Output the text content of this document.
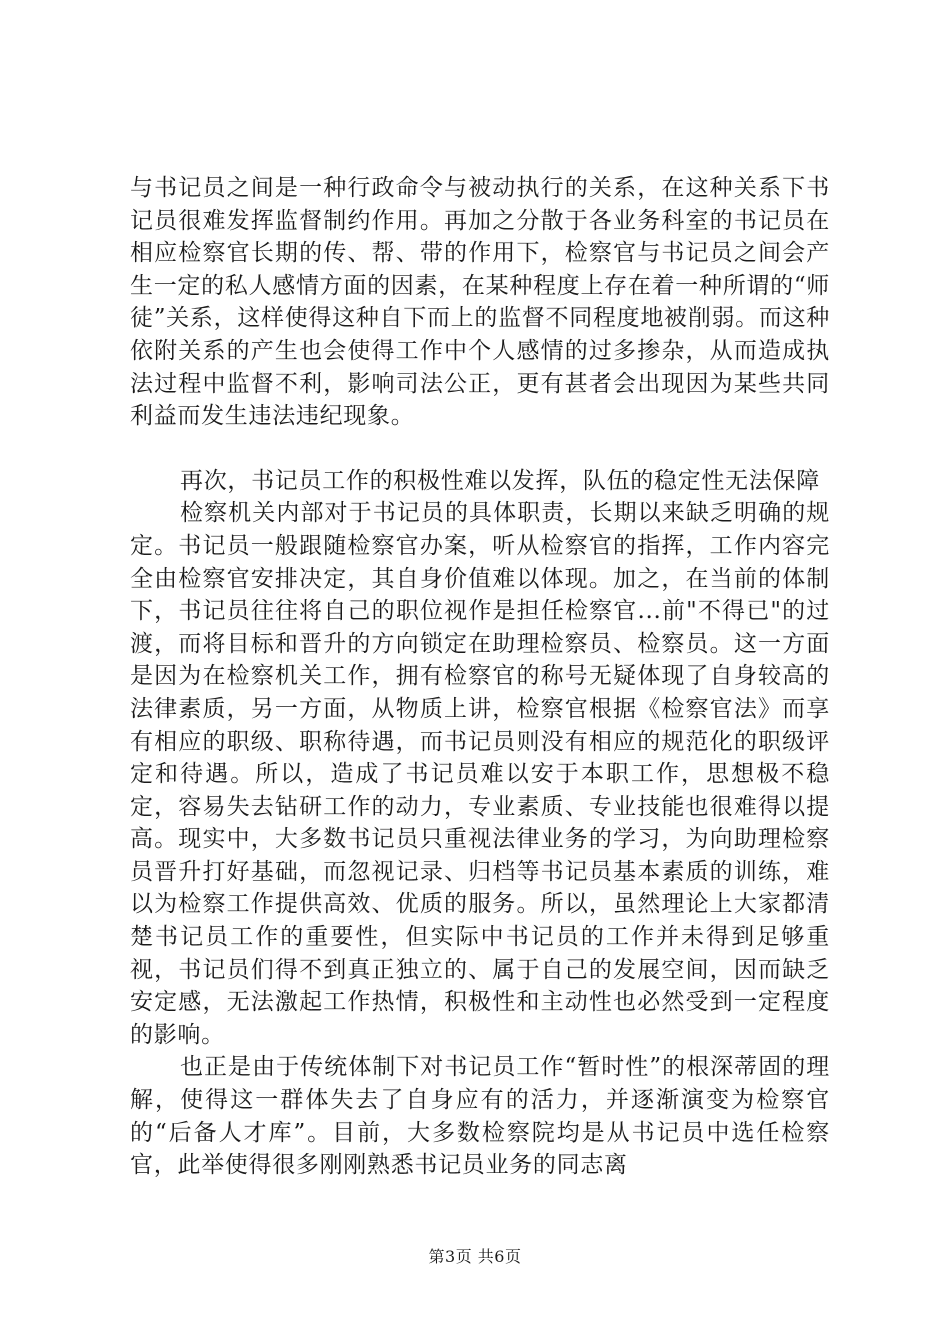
与书记员之间是一种行政命令与被动执行的关系，在这种关系下书记员很难发挥监督制约作用。再加之分散于各业务科室的书记员在相应检察官长期的传、帮、带的作用下，检察官与书记员之间会产生一定的私人感情方面的因素，在某种程度上存在着一种所谓的“师徒”关系，这样使得这种自下而上的监督不同程度地被削弱。而这种依附关系的产生也会使得工作中个人感情的过多掺杂，从而造成执法过程中监督不利，影响司法公正，更有甚者会出现因为某些共同利益而发生违法违纪现象。

再次，书记员工作的积极性难以发挥，队伍的稳定性无法保障

检察机关内部对于书记员的具体职责，长期以来缺乏明确的规定。书记员一般跟随检察官办案，听从检察官的指挥，工作内容完全由检察官安排决定，其自身价值难以体现。加之，在当前的体制下，书记员往往将自己的职位视作是担任检察官...前"不得已"的过渡，而将目标和晋升的方向锁定在助理检察员、检察员。这一方面是因为在检察机关工作，拥有检察官的称号无疑体现了自身较高的法律素质，另一方面，从物质上讲，检察官根据《检察官法》而享有相应的职级、职称待遇，而书记员则没有相应的规范化的职级评定和待遇。所以，造成了书记员难以安于本职工作，思想极不稳定，容易失去钻研工作的动力，专业素质、专业技能也很难得以提高。现实中，大多数书记员只重视法律业务的学习，为向助理检察员晋升打好基础，而忽视记录、归档等书记员基本素质的训练，难以为检察工作提供高效、优质的服务。所以，虽然理论上大家都清楚书记员工作的重要性，但实际中书记员的工作并未得到足够重视，书记员们得不到真正独立的、属于自己的发展空间，因而缺乏安定感，无法激起工作热情，积极性和主动性也必然受到一定程度的影响。

也正是由于传统体制下对书记员工作“暂时性”的根深蒂固的理解，使得这一群体失去了自身应有的活力，并逐渐演变为检察官的“后备人才库”。目前，大多数检察院均是从书记员中选任检察官，此举使得很多刚刚熟悉书记员业务的同志离

第3页 共6页
